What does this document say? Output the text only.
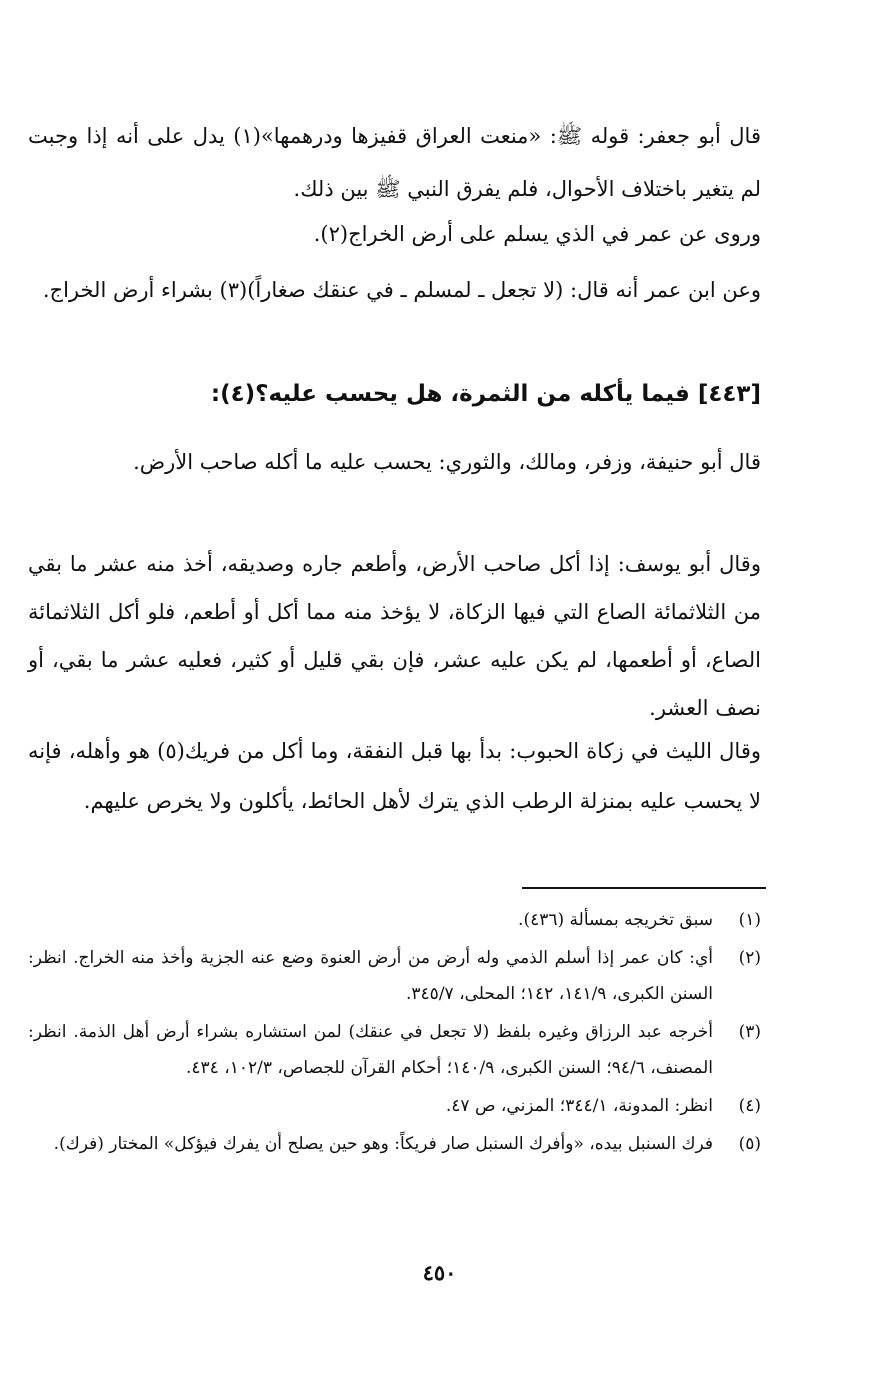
قال أبو جعفر: قوله ﷺ: «منعت العراق قفيزها ودرهمها»(١) يدل على أنه إذا وجبت لم يتغير باختلاف الأحوال، فلم يفرق النبي ﷺ بين ذلك.

وروى عن عمر في الذي يسلم على أرض الخراج(٢).

وعن ابن عمر أنه قال: (لا تجعل ـ لمسلم ـ في عنقك صغاراً)(٣) بشراء أرض الخراج.

[٤٤٣] فيما يأكله من الثمرة، هل يحسب عليه؟(٤):

قال أبو حنيفة، وزفر، ومالك، والثوري: يحسب عليه ما أكله صاحب الأرض.

وقال أبو يوسف: إذا أكل صاحب الأرض، وأطعم جاره وصديقه، أخذ منه عشر ما بقي من الثلاثمائة الصاع التي فيها الزكاة، لا يؤخذ منه مما أكل أو أطعم، فلو أكل الثلاثمائة الصاع، أو أطعمها، لم يكن عليه عشر، فإن بقي قليل أو كثير، فعليه عشر ما بقي، أو نصف العشر.

وقال الليث في زكاة الحبوب: بدأ بها قبل النفقة، وما أكل من فريك(٥) هو وأهله، فإنه لا يحسب عليه بمنزلة الرطب الذي يترك لأهل الحائط، يأكلون ولا يخرص عليهم.

(١)
سبق تخريجه بمسألة (٤٣٦).
(٢)
أي: كان عمر إذا أسلم الذمي وله أرض من أرض العنوة وضع عنه الجزية وأخذ منه الخراج. انظر: السنن الكبرى، ١٤١/٩، ١٤٢؛ المحلى، ٣٤٥/٧.
(٣)
أخرجه عبد الرزاق وغيره بلفظ (لا تجعل في عنقك) لمن استشاره بشراء أرض أهل الذمة. انظر: المصنف، ٩٤/٦؛ السنن الكبرى، ١٤٠/٩؛ أحكام القرآن للجصاص، ١٠٢/٣، ٤٣٤.
(٤)
انظر: المدونة، ٣٤٤/١؛ المزني، ص ٤٧.
(٥)
فرك السنبل بيده، «وأفرك السنبل صار فريكاً: وهو حين يصلح أن يفرك فيؤكل» المختار (فرك).
٤٥٠
